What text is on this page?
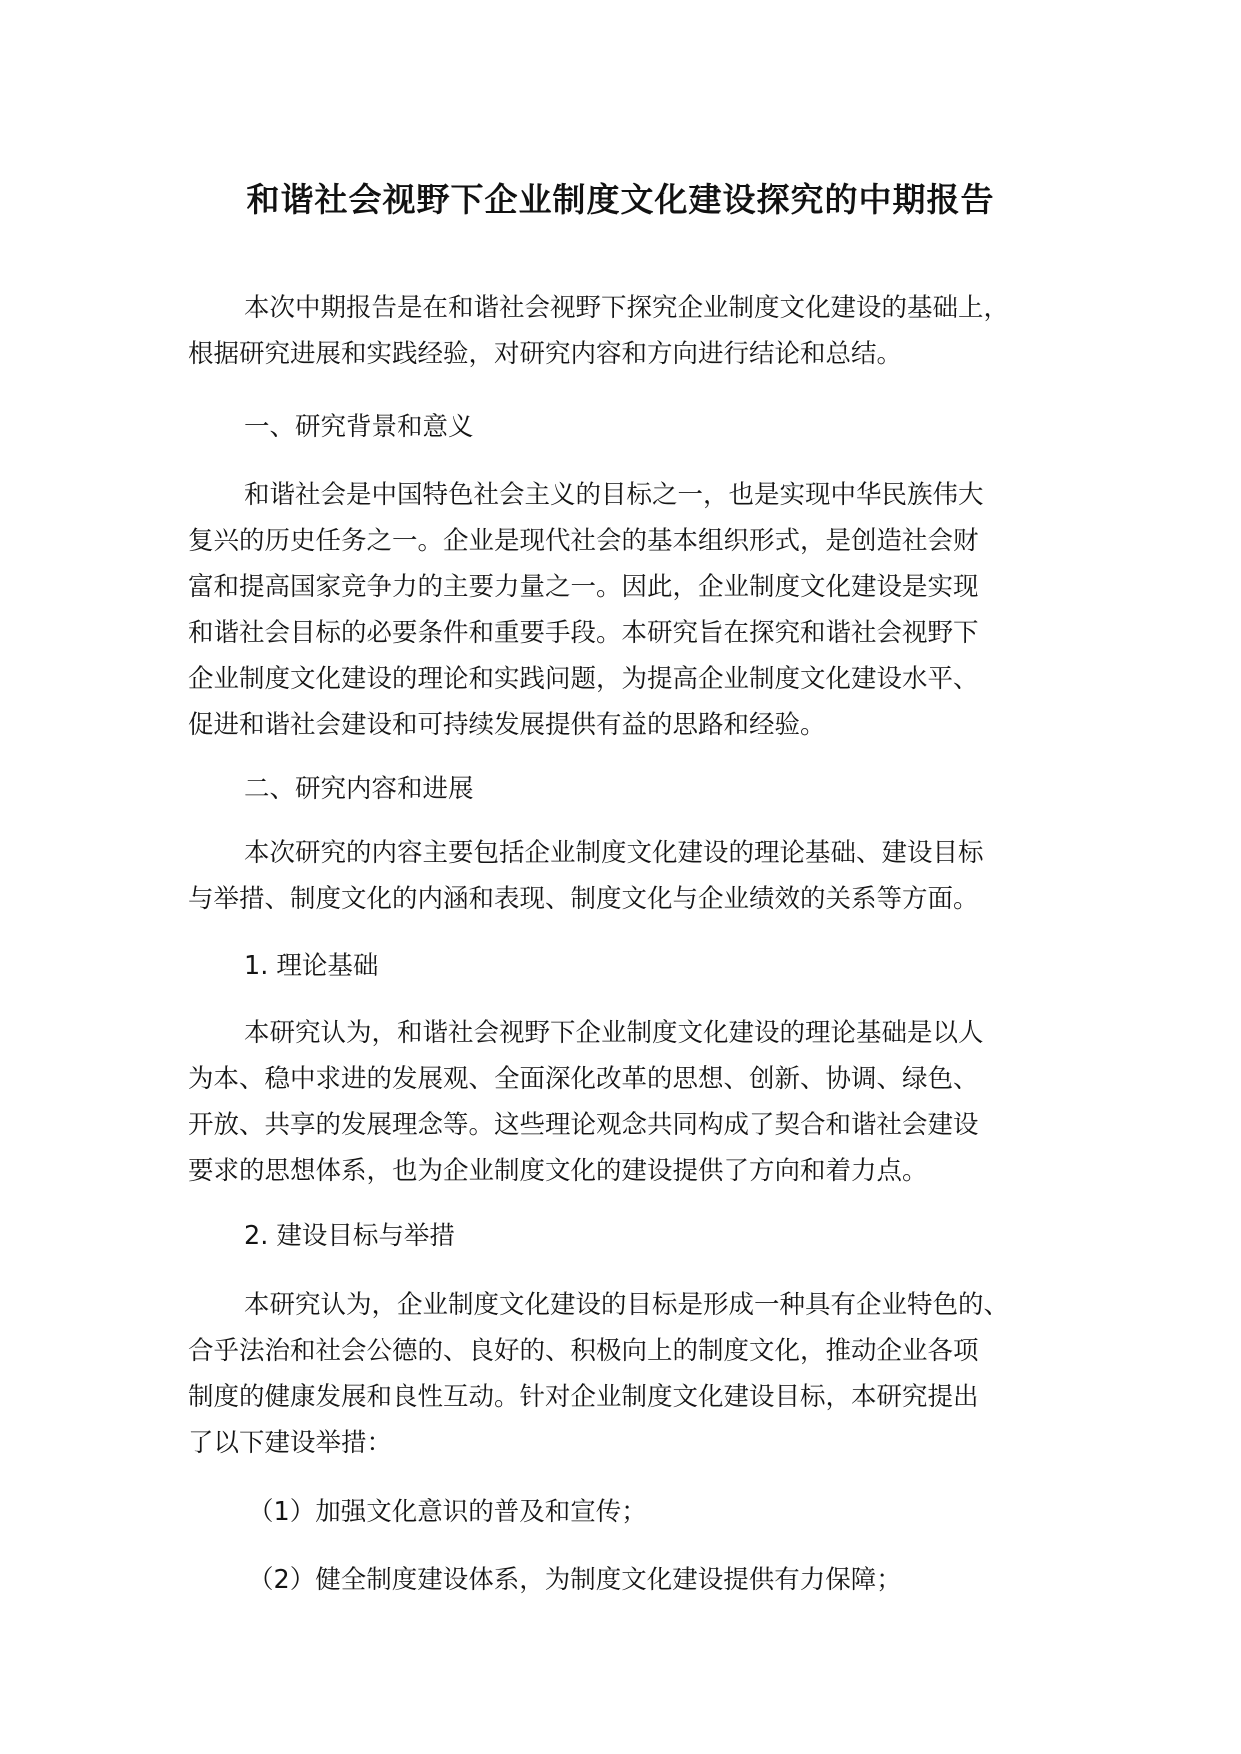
和谐社会视野下企业制度文化建设探究的中期报告

本次中期报告是在和谐社会视野下探究企业制度文化建设的基础上，

根据研究进展和实践经验，对研究内容和方向进行结论和总结。

一、研究背景和意义

和谐社会是中国特色社会主义的目标之一，也是实现中华民族伟大

复兴的历史任务之一。企业是现代社会的基本组织形式，是创造社会财

富和提高国家竞争力的主要力量之一。因此，企业制度文化建设是实现

和谐社会目标的必要条件和重要手段。本研究旨在探究和谐社会视野下

企业制度文化建设的理论和实践问题，为提高企业制度文化建设水平、

促进和谐社会建设和可持续发展提供有益的思路和经验。

二、研究内容和进展

本次研究的内容主要包括企业制度文化建设的理论基础、建设目标

与举措、制度文化的内涵和表现、制度文化与企业绩效的关系等方面。

1. 理论基础

本研究认为，和谐社会视野下企业制度文化建设的理论基础是以人

为本、稳中求进的发展观、全面深化改革的思想、创新、协调、绿色、

开放、共享的发展理念等。这些理论观念共同构成了契合和谐社会建设

要求的思想体系，也为企业制度文化的建设提供了方向和着力点。

2. 建设目标与举措

本研究认为，企业制度文化建设的目标是形成一种具有企业特色的、

合乎法治和社会公德的、良好的、积极向上的制度文化，推动企业各项

制度的健康发展和良性互动。针对企业制度文化建设目标，本研究提出

了以下建设举措：

（1）加强文化意识的普及和宣传；

（2）健全制度建设体系，为制度文化建设提供有力保障；
